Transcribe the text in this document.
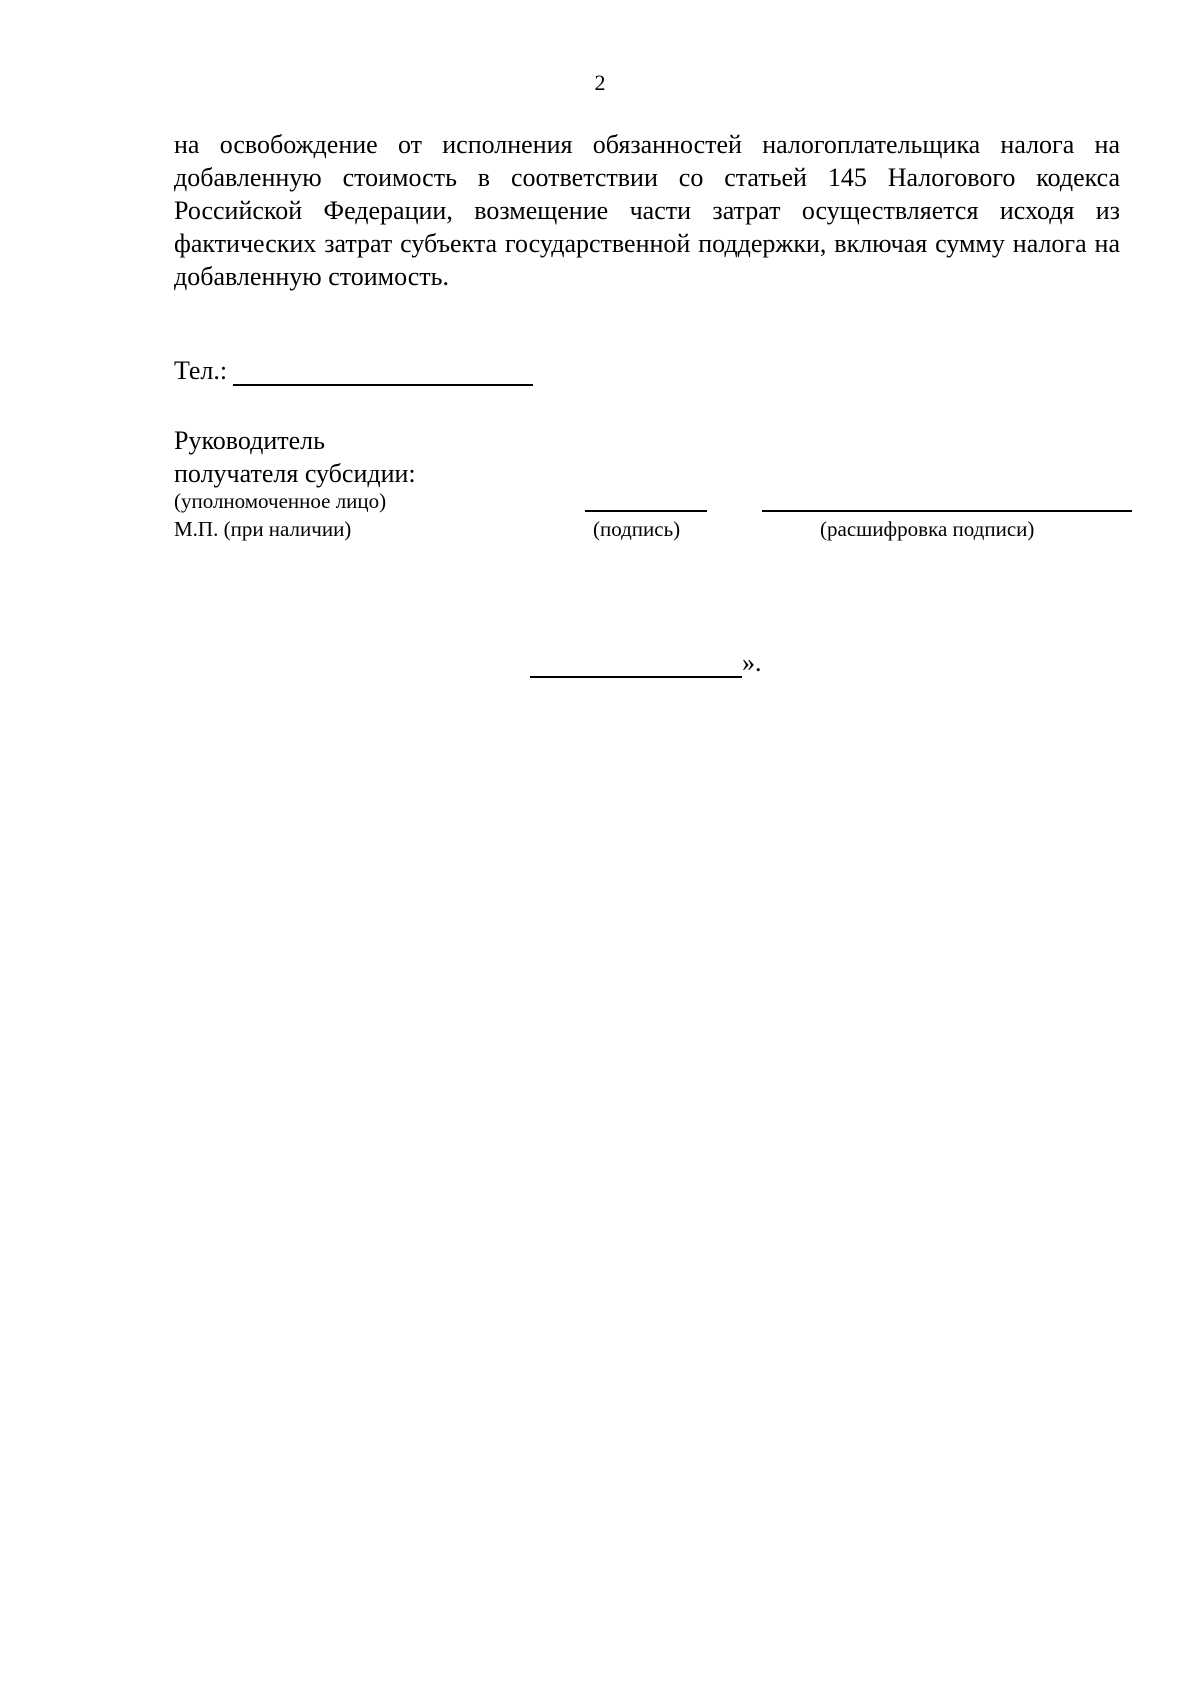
2

на освобождение от исполнения обязанностей налогоплательщика налога на добавленную стоимость в соответствии со статьей 145 Налогового кодекса Российской Федерации, возмещение части затрат осуществляется исходя из фактических затрат субъекта государственной поддержки, включая сумму налога на добавленную стоимость.

Тел.:
Руководитель
получателя субсидии:
(уполномоченное лицо)
М.П. (при наличии)	(подпись)	(расшифровка подписи)
».
